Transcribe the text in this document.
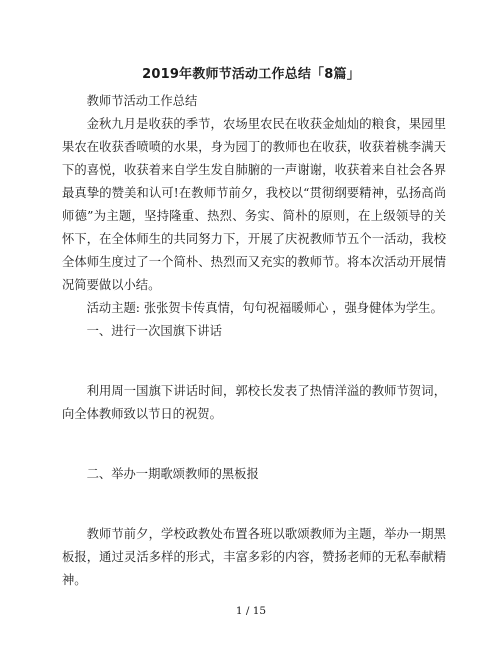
2019年教师节活动工作总结「8篇」

教师节活动工作总结

金秋九月是收获的季节，农场里农民在收获金灿灿的粮食，果园里果农在收获香喷喷的水果，身为园丁的教师也在收获，收获着桃李满天下的喜悦，收获着来自学生发自肺腑的一声谢谢，收获着来自社会各界最真挚的赞美和认可!在教师节前夕，我校以“贯彻纲要精神，弘扬高尚师德”为主题，坚持隆重、热烈、务实、简朴的原则，在上级领导的关怀下，在全体师生的共同努力下，开展了庆祝教师节五个一活动，我校全体师生度过了一个简朴、热烈而又充实的教师节。将本次活动开展情况简要做以小结。

活动主题: 张张贺卡传真情，句句祝福暖师心 ，强身健体为学生。

一、进行一次国旗下讲话

利用周一国旗下讲话时间，郭校长发表了热情洋溢的教师节贺词，向全体教师致以节日的祝贺。

二、举办一期歌颂教师的黑板报

教师节前夕，学校政教处布置各班以歌颂教师为主题，举办一期黑板报，通过灵活多样的形式，丰富多彩的内容，赞扬老师的无私奉献精神。

1 / 15
